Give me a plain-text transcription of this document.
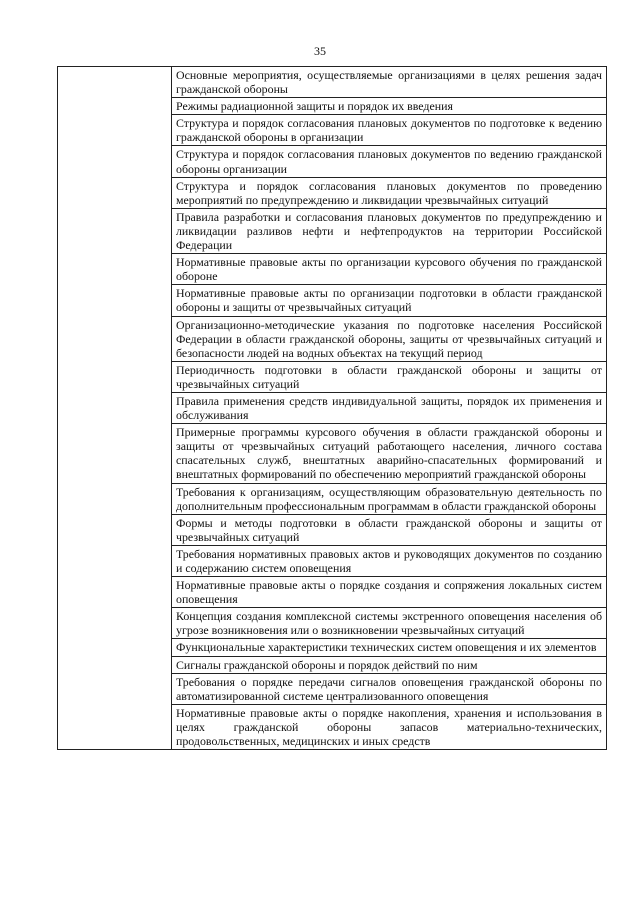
35

Основные мероприятия, осуществляемые организациями в целях решения задач гражданской обороны

Режимы радиационной защиты и порядок их введения

Структура и порядок согласования плановых документов по подготовке к ведению гражданской обороны в организации

Структура и порядок согласования плановых документов по ведению гражданской обороны организации

Структура и порядок согласования плановых документов по проведению мероприятий по предупреждению и ликвидации чрезвычайных ситуаций

Правила разработки и согласования плановых документов по предупреждению и ликвидации разливов нефти и нефтепродуктов на территории Российской Федерации

Нормативные правовые акты по организации курсового обучения по гражданской обороне

Нормативные правовые акты по организации подготовки в области гражданской обороны и защиты от чрезвычайных ситуаций

Организационно-методические указания по подготовке населения Российской Федерации в области гражданской обороны, защиты от чрезвычайных ситуаций и безопасности людей на водных объектах на текущий период

Периодичность подготовки в области гражданской обороны и защиты от чрезвычайных ситуаций

Правила применения средств индивидуальной защиты, порядок их применения и обслуживания

Примерные программы курсового обучения в области гражданской обороны и защиты от чрезвычайных ситуаций работающего населения, личного состава спасательных служб, внештатных аварийно-спасательных формирований и внештатных формирований по обеспечению мероприятий гражданской обороны

Требования к организациям, осуществляющим образовательную деятельность по дополнительным профессиональным программам в области гражданской обороны

Формы и методы подготовки в области гражданской обороны и защиты от чрезвычайных ситуаций

Требования нормативных правовых актов и руководящих документов по созданию и содержанию систем оповещения

Нормативные правовые акты о порядке создания и сопряжения локальных систем оповещения

Концепция создания комплексной системы экстренного оповещения населения об угрозе возникновения или о возникновении чрезвычайных ситуаций

Функциональные характеристики технических систем оповещения и их элементов

Сигналы гражданской обороны и порядок действий по ним

Требования о порядке передачи сигналов оповещения гражданской обороны по автоматизированной системе централизованного оповещения

Нормативные правовые акты о порядке накопления, хранения и использования в целях гражданской обороны запасов материально-технических, продовольственных, медицинских и иных средств
